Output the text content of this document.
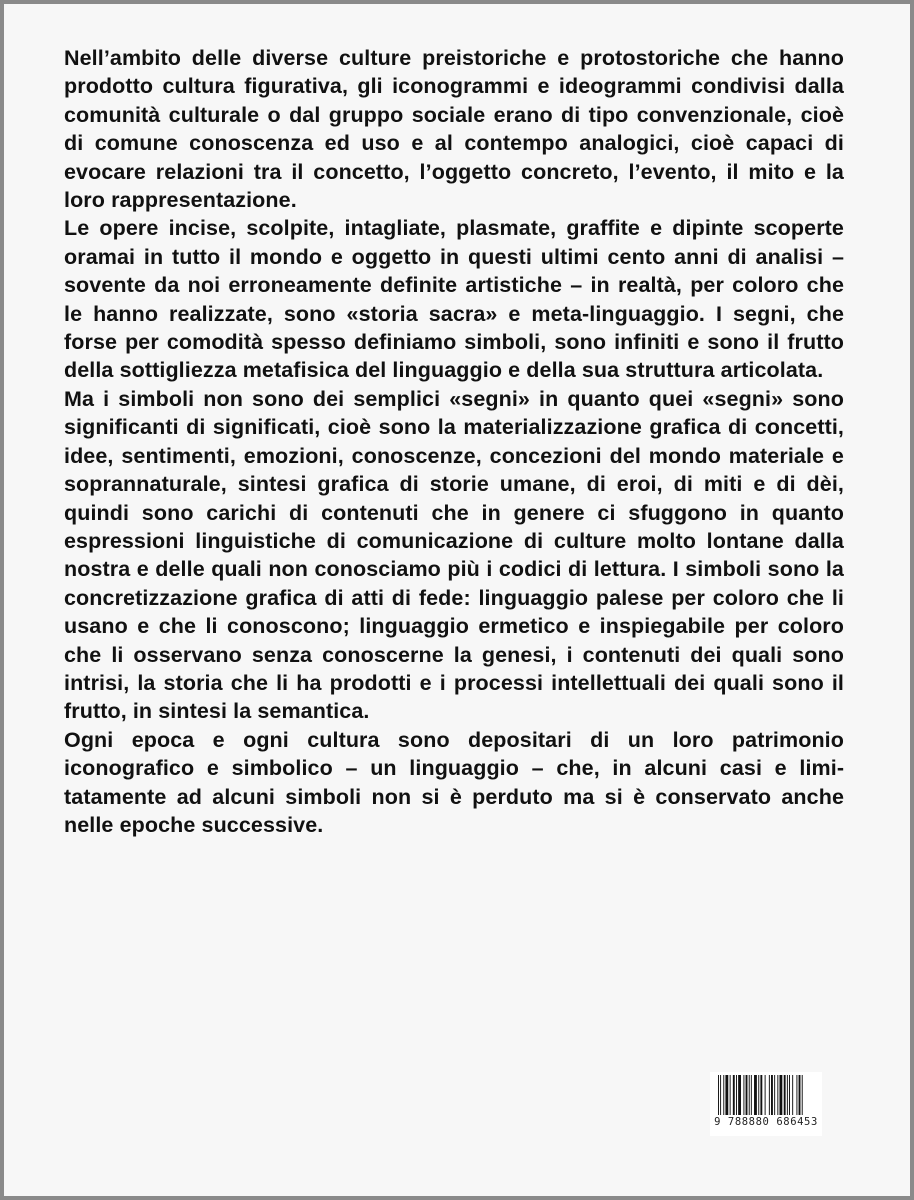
Nell’ambito delle diverse culture preistoriche e protostoriche che hanno prodotto cultura figurativa, gli iconogrammi e ideogrammi condivisi dalla comunità culturale o dal gruppo sociale erano di tipo convenzionale, cioè di comune conoscenza ed uso e al contempo analogici, cioè capaci di evocare relazioni tra il concetto, l’oggetto concreto, l’evento, il mito e la loro rappresentazione.

Le opere incise, scolpite, intagliate, plasmate, graffite e dipinte scoperte oramai in tutto il mondo e oggetto in questi ultimi cento anni di analisi – sovente da noi erroneamente definite artistiche – in realtà, per coloro che le hanno realizzate, sono «storia sacra» e meta-linguaggio. I segni, che forse per comodità spesso definiamo simboli, sono infiniti e sono il frutto della sottigliezza metafisica del linguaggio e della sua struttura articolata.

Ma i simboli non sono dei semplici «segni» in quanto quei «segni» sono significanti di significati, cioè sono la materializzazione grafica di concetti, idee, sentimenti, emozioni, conoscenze, concezioni del mondo materiale e soprannaturale, sintesi grafica di storie umane, di eroi, di miti e di dèi, quindi sono carichi di contenuti che in genere ci sfuggono in quanto espressioni linguistiche di comunicazione di culture molto lontane dalla nostra e delle quali non conosciamo più i codici di lettura. I simboli sono la concretizzazione grafica di atti di fede: linguaggio palese per coloro che li usano e che li conoscono; linguaggio ermetico e inspiegabile per coloro che li osservano senza conoscerne la genesi, i contenuti dei quali sono intrisi, la storia che li ha prodotti e i processi intellettuali dei quali sono il frutto, in sintesi la semantica.

Ogni epoca e ogni cultura sono depositari di un loro patrimonio iconografico e simbolico – un linguaggio – che, in alcuni casi e limitatamente ad alcuni simboli non si è perduto ma si è conservato anche nelle epoche successive.

9 788880 686453
